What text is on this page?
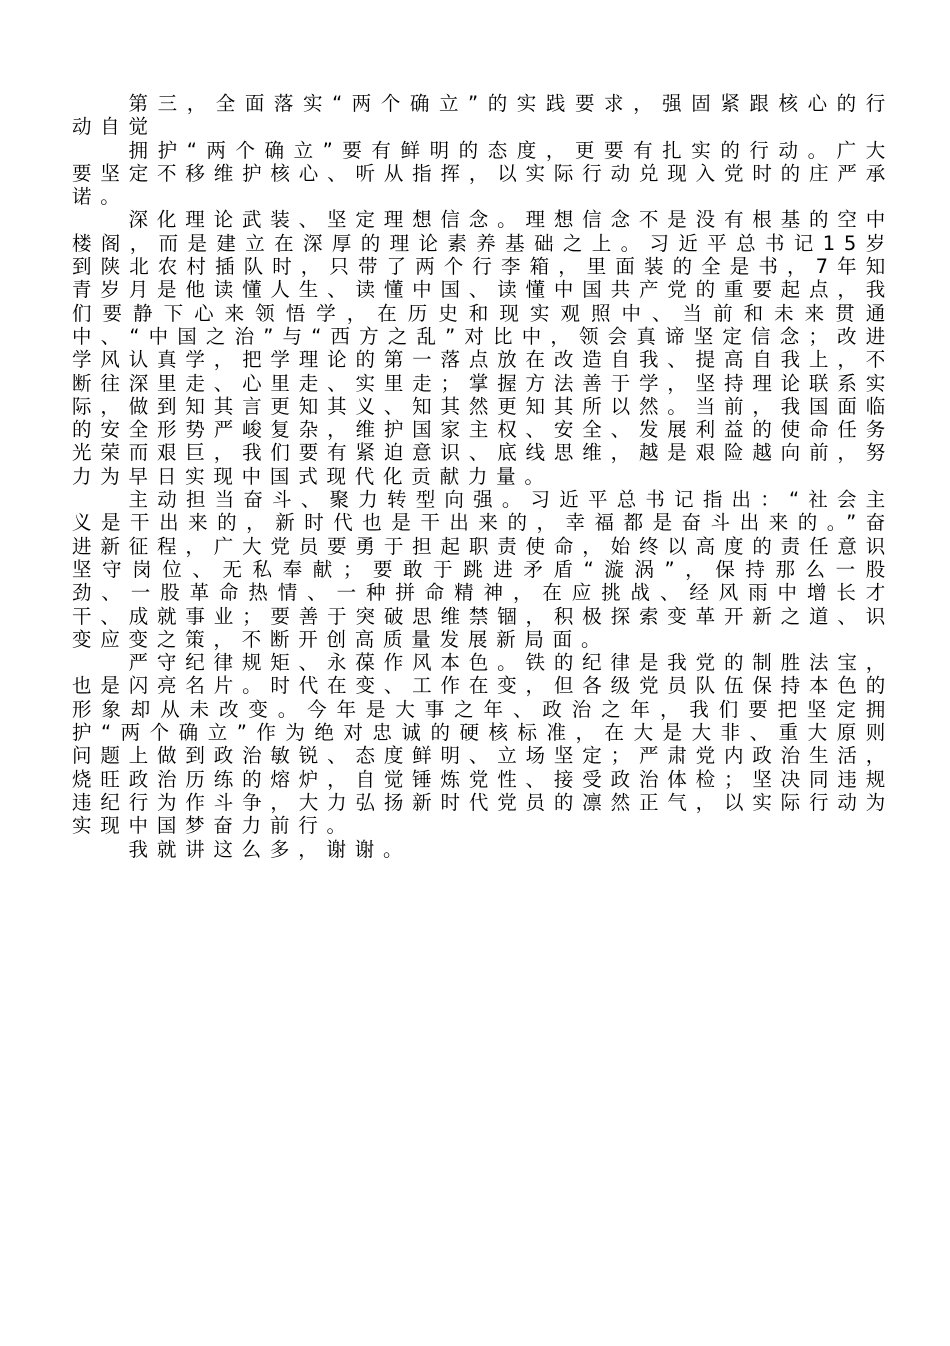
第三，全面落实“两个确立”的实践要求，强固紧跟核心的行动自觉

拥护“两个确立”要有鲜明的态度，更要有扎实的行动。广大要坚定不移维护核心、听从指挥，以实际行动兑现入党时的庄严承诺。

深化理论武装、坚定理想信念。理想信念不是没有根基的空中楼阁，而是建立在深厚的理论素养基础之上。习近平总书记15岁到陕北农村插队时，只带了两个行李箱，里面装的全是书，7年知青岁月是他读懂人生、读懂中国、读懂中国共产党的重要起点，我们要静下心来领悟学，在历史和现实观照中、当前和未来贯通中、“中国之治”与“西方之乱”对比中，领会真谛坚定信念；改进学风认真学，把学理论的第一落点放在改造自我、提高自我上，不断往深里走、心里走、实里走；掌握方法善于学，坚持理论联系实际，做到知其言更知其义、知其然更知其所以然。当前，我国面临的安全形势严峻复杂，维护国家主权、安全、发展利益的使命任务光荣而艰巨，我们要有紧迫意识、底线思维，越是艰险越向前，努力为早日实现中国式现代化贡献力量。

主动担当奋斗、聚力转型向强。习近平总书记指出：“社会主义是干出来的，新时代也是干出来的，幸福都是奋斗出来的。”奋进新征程，广大党员要勇于担起职责使命，始终以高度的责任意识坚守岗位、无私奉献；要敢于跳进矛盾“漩涡”，保持那么一股劲、一股革命热情、一种拼命精神，在应挑战、经风雨中增长才干、成就事业；要善于突破思维禁锢，积极探索变革开新之道、识变应变之策，不断开创高质量发展新局面。

严守纪律规矩、永葆作风本色。铁的纪律是我党的制胜法宝，也是闪亮名片。时代在变、工作在变，但各级党员队伍保持本色的形象却从未改变。今年是大事之年、政治之年，我们要把坚定拥护“两个确立”作为绝对忠诚的硬核标准，在大是大非、重大原则问题上做到政治敏锐、态度鲜明、立场坚定；严肃党内政治生活，烧旺政治历练的熔炉，自觉锤炼党性、接受政治体检；坚决同违规违纪行为作斗争，大力弘扬新时代党员的凛然正气，以实际行动为实现中国梦奋力前行。

我就讲这么多，谢谢。
